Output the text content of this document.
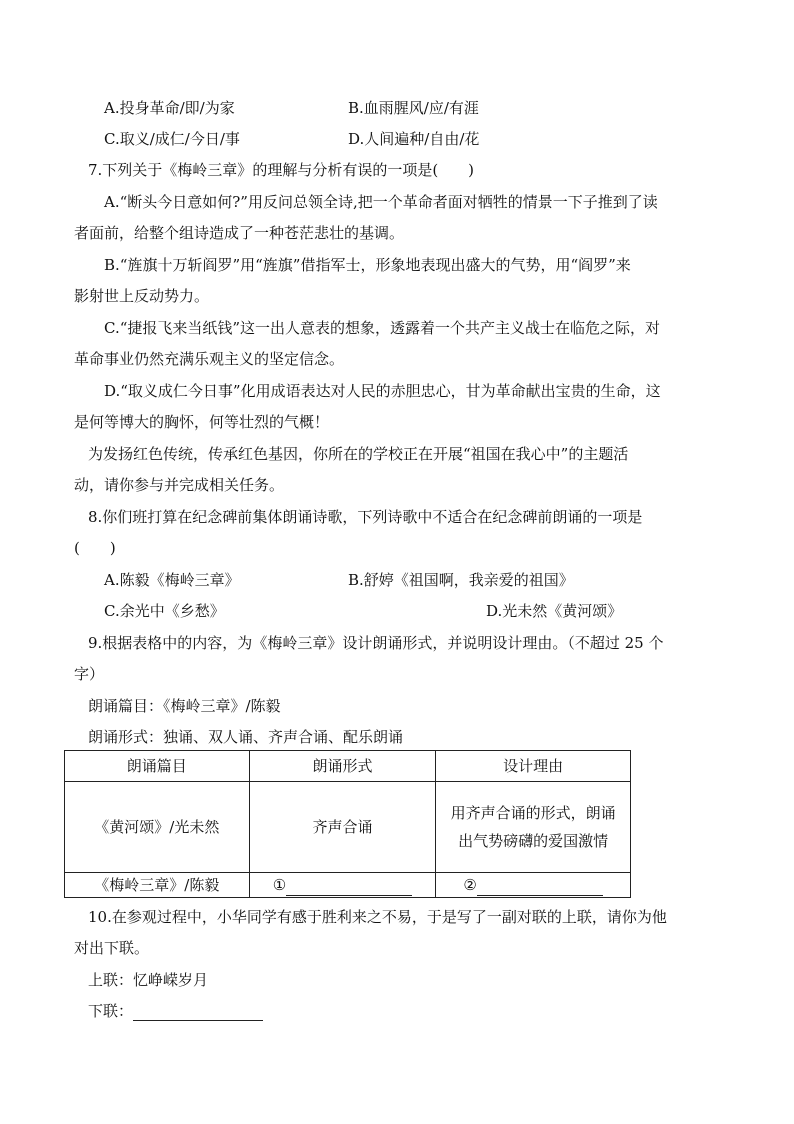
A.投身革命/即/为家	B.血雨腥风/应/有涯
C.取义/成仁/今日/事	D.人间遍种/自由/花
7.下列关于《梅岭三章》的理解与分析有误的一项是(　　)
A.“断头今日意如何?”用反问总领全诗,把一个革命者面对牺牲的情景一下子推到了读
者面前，给整个组诗造成了一种苍茫悲壮的基调。
B.“旌旗十万斩阎罗”用“旌旗”借指军士，形象地表现出盛大的气势，用“阎罗”来
影射世上反动势力。
C.“捷报飞来当纸钱”这一出人意表的想象，透露着一个共产主义战士在临危之际，对
革命事业仍然充满乐观主义的坚定信念。
D.“取义成仁今日事”化用成语表达对人民的赤胆忠心，甘为革命献出宝贵的生命，这
是何等博大的胸怀，何等壮烈的气概！
为发扬红色传统，传承红色基因，你所在的学校正在开展“祖国在我心中”的主题活
动，请你参与并完成相关任务。
8.你们班打算在纪念碑前集体朗诵诗歌，下列诗歌中不适合在纪念碑前朗诵的一项是
(　　)
A.陈毅《梅岭三章》	B.舒婷《祖国啊，我亲爱的祖国》
C.余光中《乡愁》	D.光未然《黄河颂》
9.根据表格中的内容，为《梅岭三章》设计朗诵形式，并说明设计理由。（不超过 25 个
字）
朗诵篇目：《梅岭三章》/陈毅
朗诵形式：独诵、双人诵、齐声合诵、配乐朗诵
朗诵篇目	朗诵形式	设计理由
《黄河颂》/光未然	齐声合诵	用齐声合诵的形式，朗诵出气势磅礴的爱国激情
《梅岭三章》/陈毅	①	②
10.在参观过程中，小华同学有感于胜利来之不易，于是写了一副对联的上联，请你为他
对出下联。
上联：忆峥嵘岁月
下联：
